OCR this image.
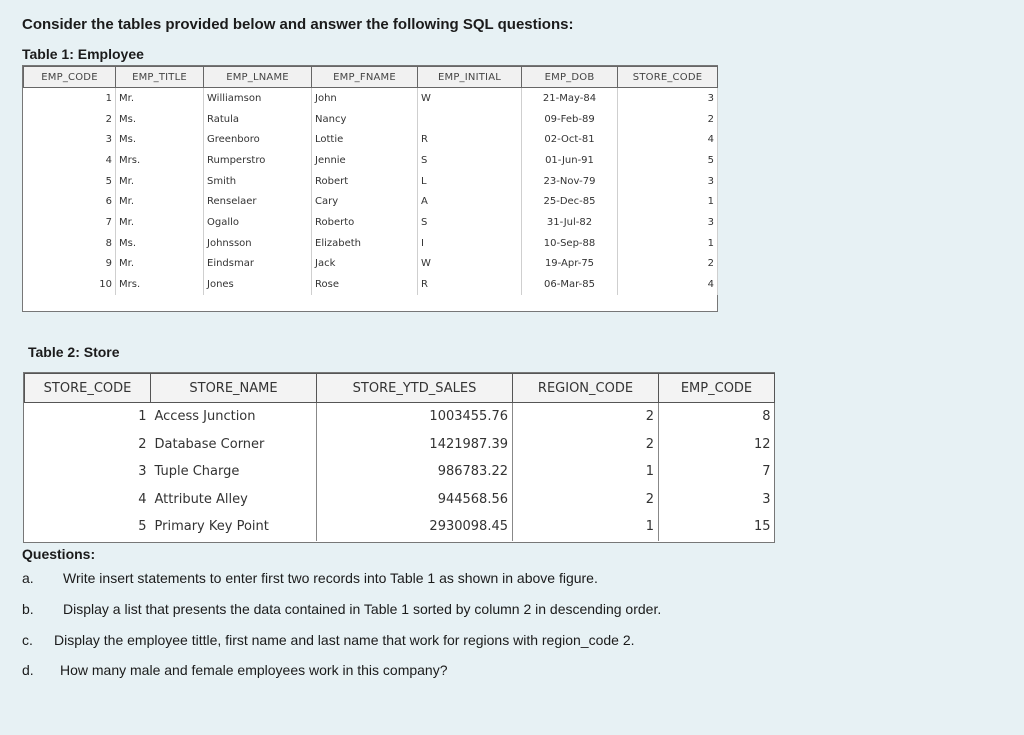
Consider the tables provided below and answer the following SQL questions:
Table 1: Employee
EMP_CODE	EMP_TITLE	EMP_LNAME	EMP_FNAME	EMP_INITIAL	EMP_DOB	STORE_CODE
1	Mr.	Williamson	John	W	21-May-84	3
2	Ms.	Ratula	Nancy		09-Feb-89	2
3	Ms.	Greenboro	Lottie	R	02-Oct-81	4
4	Mrs.	Rumperstro	Jennie	S	01-Jun-91	5
5	Mr.	Smith	Robert	L	23-Nov-79	3
6	Mr.	Renselaer	Cary	A	25-Dec-85	1
7	Mr.	Ogallo	Roberto	S	31-Jul-82	3
8	Ms.	Johnsson	Elizabeth	I	10-Sep-88	1
9	Mr.	Eindsmar	Jack	W	19-Apr-75	2
10	Mrs.	Jones	Rose	R	06-Mar-85	4
Table 2: Store
STORE_CODE	STORE_NAME	STORE_YTD_SALES	REGION_CODE	EMP_CODE
1	Access Junction	1003455.76	2	8
2	Database Corner	1421987.39	2	12
3	Tuple Charge	986783.22	1	7
4	Attribute Alley	944568.56	2	3
5	Primary Key Point	2930098.45	1	15
Questions:
a. Write insert statements to enter first two records into Table 1 as shown in above figure.
b. Display a list that presents the data contained in Table 1 sorted by column 2 in descending order.
c. Display the employee tittle, first name and last name that work for regions with region_code 2.
d. How many male and female employees work in this company?
